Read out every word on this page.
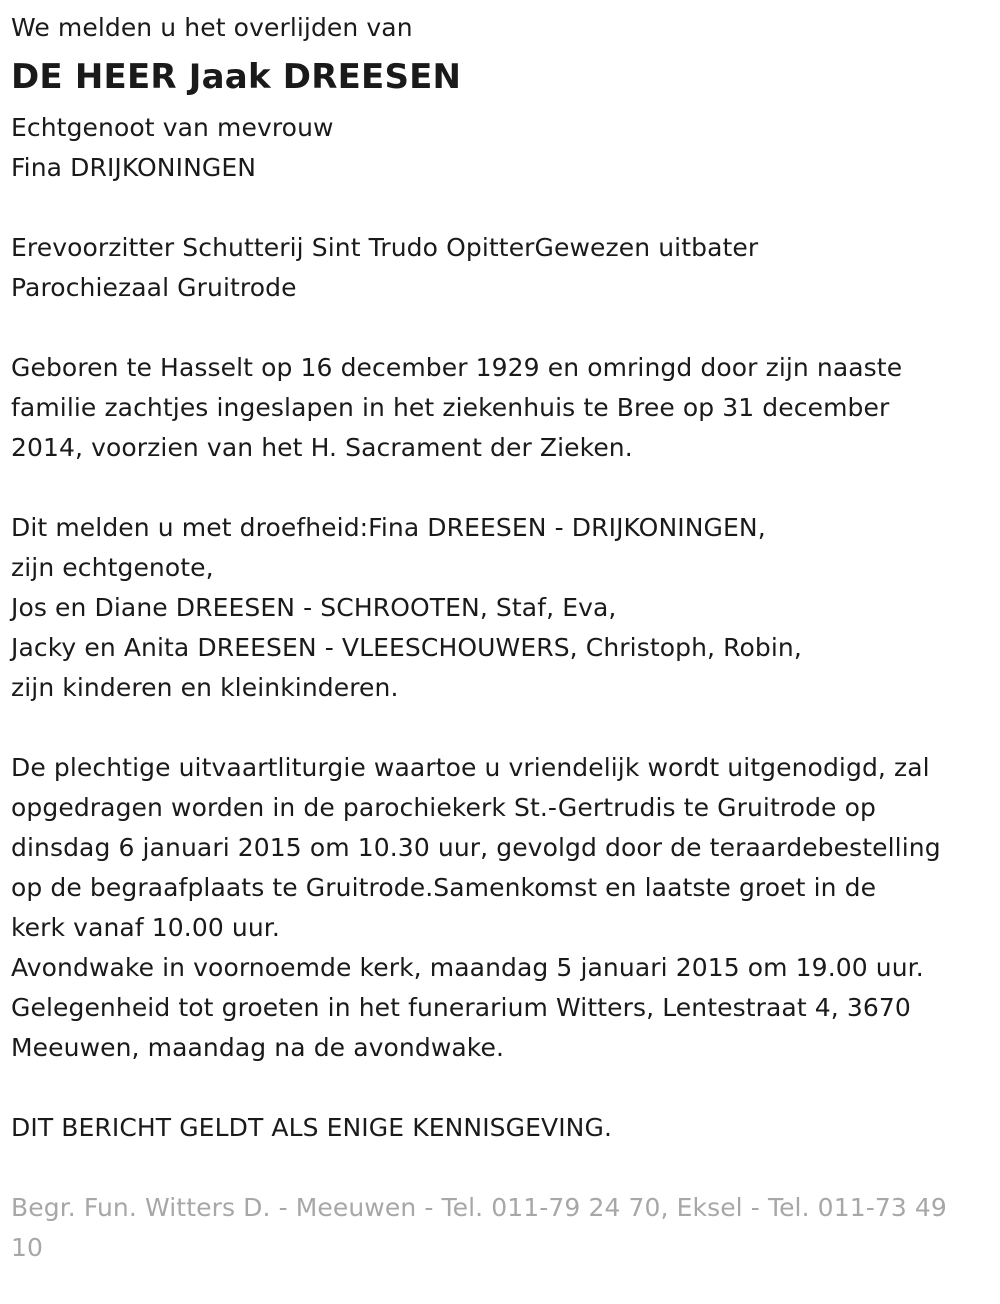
We melden u het overlijden van
DE HEER Jaak DREESEN
Echtgenoot van mevrouw
Fina DRIJKONINGEN
Erevoorzitter Schutterij Sint Trudo OpitterGewezen uitbater
Parochiezaal Gruitrode
Geboren te Hasselt op 16 december 1929 en omringd door zijn naaste
familie zachtjes ingeslapen in het ziekenhuis te Bree op 31 december
2014, voorzien van het H. Sacrament der Zieken.
Dit melden u met droefheid:Fina DREESEN - DRIJKONINGEN,
zijn echtgenote,
Jos en Diane DREESEN - SCHROOTEN, Staf, Eva,
Jacky en Anita DREESEN - VLEESCHOUWERS, Christoph, Robin,
zijn kinderen en kleinkinderen.
De plechtige uitvaartliturgie waartoe u vriendelijk wordt uitgenodigd, zal
opgedragen worden in de parochiekerk St.-Gertrudis te Gruitrode op
dinsdag 6 januari 2015 om 10.30 uur, gevolgd door de teraardebestelling
op de begraafplaats te Gruitrode.Samenkomst en laatste groet in de
kerk vanaf 10.00 uur.
Avondwake in voornoemde kerk, maandag 5 januari 2015 om 19.00 uur.
Gelegenheid tot groeten in het funerarium Witters, Lentestraat 4, 3670
Meeuwen, maandag na de avondwake.
DIT BERICHT GELDT ALS ENIGE KENNISGEVING.
Begr. Fun. Witters D. - Meeuwen - Tel. 011-79 24 70, Eksel - Tel. 011-73 49
10
